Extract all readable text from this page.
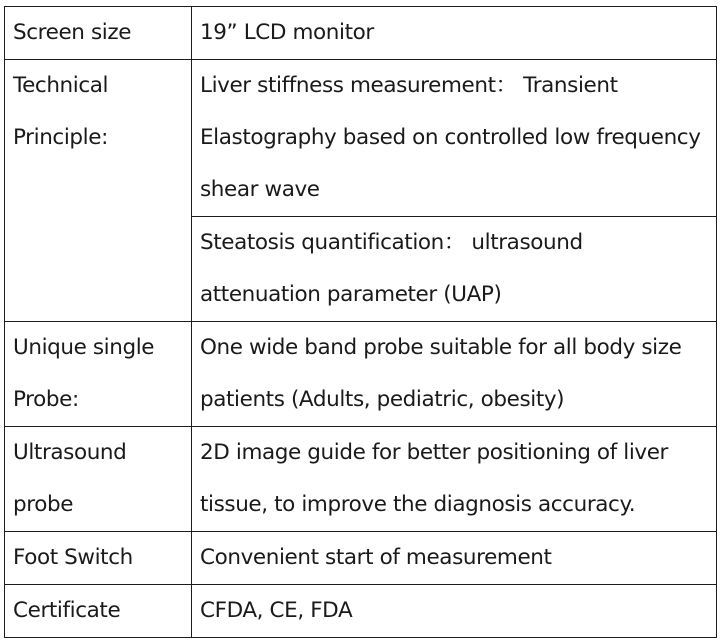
Screen size	19” LCD monitor
Technical
Principle:	Liver stiffness measurement： Transient Elastography based on controlled low frequency shear wave
	Steatosis quantification： ultrasound attenuation parameter (UAP)
Unique single
Probe:	One wide band probe suitable for all body size patients (Adults, pediatric, obesity)
Ultrasound
probe	2D image guide for better positioning of liver tissue, to improve the diagnosis accuracy.
Foot Switch	Convenient start of measurement
Certificate	CFDA, CE, FDA
